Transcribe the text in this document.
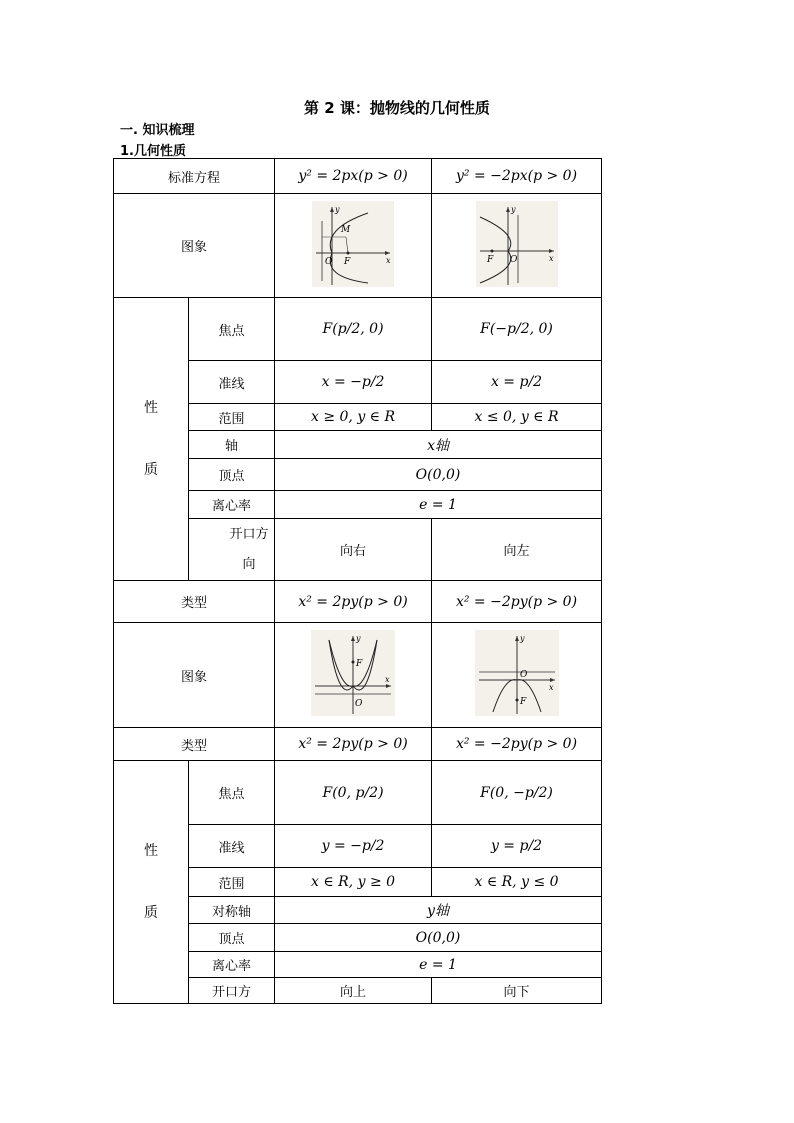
第 2 课：抛物线的几何性质
一. 知识梳理
1.几何性质
标准方程		y² = 2px(p > 0)	y² = −2px(p > 0)
图象		y
x
O F
M	y
x
O
F

性
质	焦点	F(p/2, 0)	F(−p/2, 0)
	准线	x = −p/2	x = p/2
	范围	x ≥ 0, y ∈ R	x ≤ 0, y ∈ R
	轴	x轴	
	顶点	O(0,0)	
	离心率	e = 1	
	开口方向	向右	向左
类型		x² = 2py(p > 0)	x² = −2py(p > 0)
图象		y
x
O
F	y
x
O
F

类型		x² = 2py(p > 0)	x² = −2py(p > 0)

性
质	焦点	F(0, p/2)	F(0, −p/2)
	准线	y = −p/2	y = p/2
	范围	x ∈ R, y ≥ 0	x ∈ R, y ≤ 0
	对称轴	y轴	
	顶点	O(0,0)	
	离心率	e = 1	
	开口方	向上	向下
